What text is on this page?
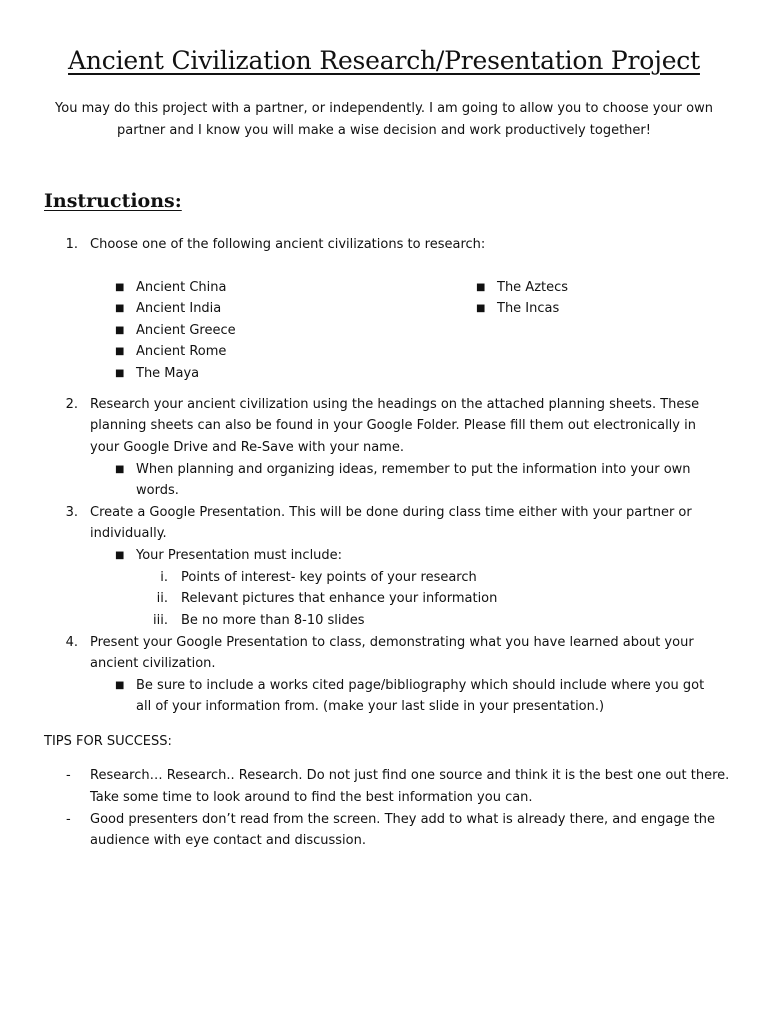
Ancient Civilization Research/Presentation Project
You may do this project with a partner, or independently. I am going to allow you to choose your own partner and I know you will make a wise decision and work productively together!
Instructions:
1. Choose one of the following ancient civilizations to research:
■ Ancient China
■ Ancient India
■ Ancient Greece
■ Ancient Rome
■ The Maya
■ The Aztecs
■ The Incas
2. Research your ancient civilization using the headings on the attached planning sheets. These
planning sheets can also be found in your Google Folder. Please fill them out electronically in
your Google Drive and Re-Save with your name.
■ When planning and organizing ideas, remember to put the information into your own
words.
3. Create a Google Presentation. This will be done during class time either with your partner or
individually.
■ Your Presentation must include:
i. Points of interest- key points of your research
ii. Relevant pictures that enhance your information
iii. Be no more than 8-10 slides
4. Present your Google Presentation to class, demonstrating what you have learned about your
ancient civilization.
■ Be sure to include a works cited page/bibliography which should include where you got
all of your information from. (make your last slide in your presentation.)
TIPS FOR SUCCESS:
- Research… Research.. Research. Do not just find one source and think it is the best one out there.
Take some time to look around to find the best information you can.
- Good presenters don’t read from the screen. They add to what is already there, and engage the
audience with eye contact and discussion.
